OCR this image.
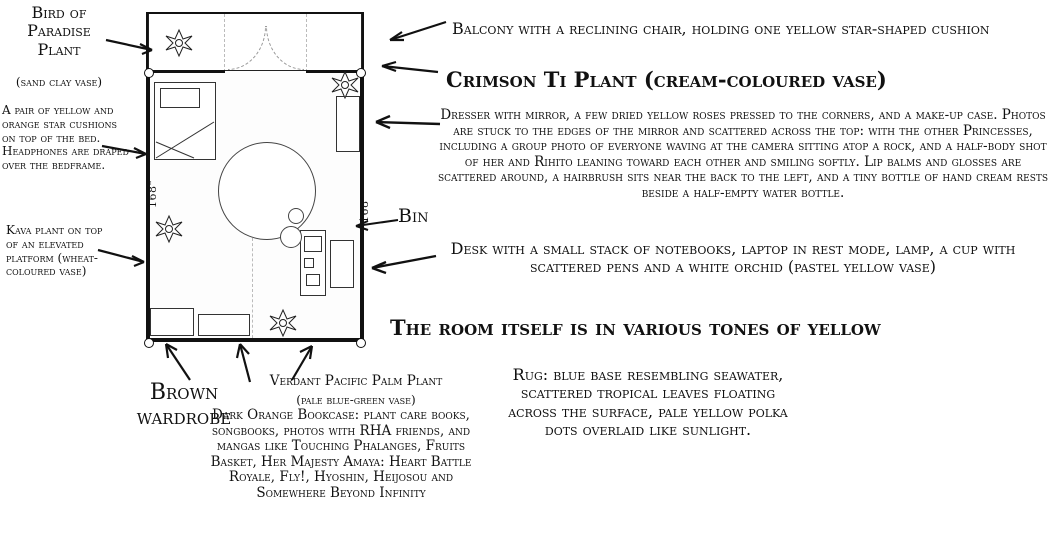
168"
168"
Bird of Paradise Plant
(sand clay vase)
A pair of yellow and orange star cushions on top of the bed. Headphones are draped over the bedframe.
Kava plant on top of an elevated platform (wheat-coloured vase)
Balcony with a reclining chair, holding one yellow star-shaped cushion
Crimson Ti Plant (cream-coloured vase)
Dresser with mirror, a few dried yellow roses pressed to the corners, and a make-up case. Photos are stuck to the edges of the mirror and scattered across the top: with the other Princesses, including a group photo of everyone waving at the camera sitting atop a rock, and a half-body shot of her and Rihito leaning toward each other and smiling softly. Lip balms and glosses are scattered around, a hairbrush sits near the back to the left, and a tiny bottle of hand cream rests beside a half-empty water bottle.
Bin
Desk with a small stack of notebooks, laptop in rest mode, lamp, a cup with scattered pens and a white orchid (pastel yellow vase)
The room itself is in various tones of yellow
Brown wardrobe
Verdant Pacific Palm Plant
(pale blue-green vase)
Dark Orange Bookcase: plant care books, songbooks, photos with RHA friends, and mangas like Touching Phalanges, Fruits Basket, Her Majesty Amaya: Heart Battle Royale, Fly!, Hyoshin, Heijosou and Somewhere Beyond Infinity
Rug: blue base resembling seawater, scattered tropical leaves floating across the surface, pale yellow polka dots overlaid like sunlight.
